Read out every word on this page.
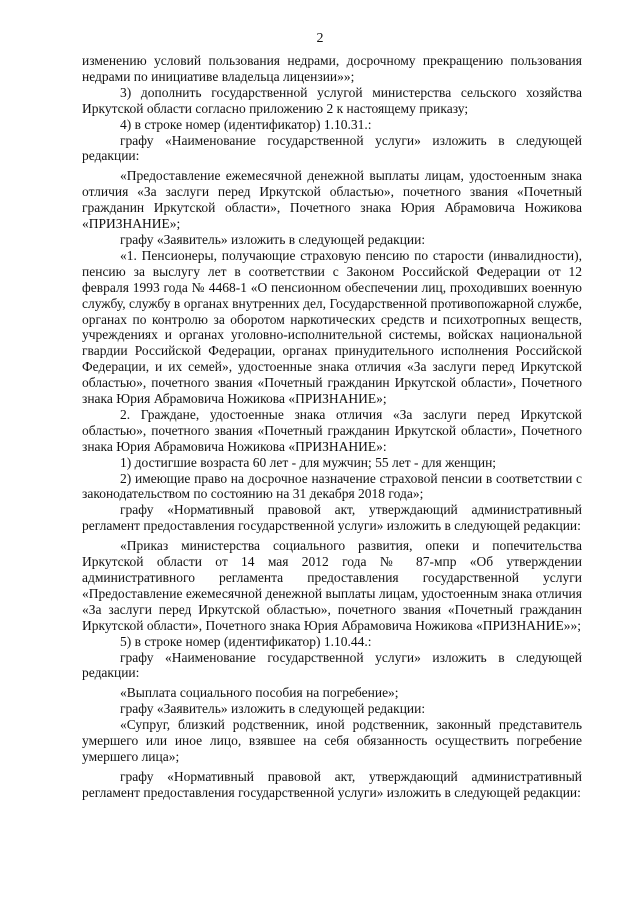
2

изменению условий пользования недрами, досрочному прекращению пользования недрами по инициативе владельца лицензии»»;

3) дополнить государственной услугой министерства сельского хозяйства Иркутской области согласно приложению 2 к настоящему приказу;

4) в строке номер (идентификатор) 1.10.31.:

графу «Наименование государственной услуги» изложить в следующей редакции:

«Предоставление ежемесячной денежной выплаты лицам, удостоенным знака отличия «За заслуги перед Иркутской областью», почетного звания «Почетный гражданин Иркутской области», Почетного знака Юрия Абрамовича Ножикова «ПРИЗНАНИЕ»;

графу «Заявитель» изложить в следующей редакции:

«1. Пенсионеры, получающие страховую пенсию по старости (инвалидности), пенсию за выслугу лет в соответствии с Законом Российской Федерации от 12 февраля 1993 года № 4468-1 «О пенсионном обеспечении лиц, проходивших военную службу, службу в органах внутренних дел, Государственной противопожарной службе, органах по контролю за оборотом наркотических средств и психотропных веществ, учреждениях и органах уголовно-исполнительной системы, войсках национальной гвардии Российской Федерации, органах принудительного исполнения Российской Федерации, и их семей», удостоенные знака отличия «За заслуги перед Иркутской областью», почетного звания «Почетный гражданин Иркутской области», Почетного знака Юрия Абрамовича Ножикова «ПРИЗНАНИЕ»;

2. Граждане, удостоенные знака отличия «За заслуги перед Иркутской областью», почетного звания «Почетный гражданин Иркутской области», Почетного знака Юрия Абрамовича Ножикова «ПРИЗНАНИЕ»:

1) достигшие возраста 60 лет - для мужчин; 55 лет - для женщин;

2) имеющие право на досрочное назначение страховой пенсии в соответствии с законодательством по состоянию на 31 декабря 2018 года»;

графу «Нормативный правовой акт, утверждающий административный регламент предоставления государственной услуги» изложить в следующей редакции:

«Приказ министерства социального развития, опеки и попечительства Иркутской области от 14 мая 2012 года № 87-мпр «Об утверждении административного регламента предоставления государственной услуги «Предоставление ежемесячной денежной выплаты лицам, удостоенным знака отличия «За заслуги перед Иркутской областью», почетного звания «Почетный гражданин Иркутской области», Почетного знака Юрия Абрамовича Ножикова «ПРИЗНАНИЕ»»;

5) в строке номер (идентификатор) 1.10.44.:

графу «Наименование государственной услуги» изложить в следующей редакции:

«Выплата социального пособия на погребение»;

графу «Заявитель» изложить в следующей редакции:

«Супруг, близкий родственник, иной родственник, законный представитель умершего или иное лицо, взявшее на себя обязанность осуществить погребение умершего лица»;

графу «Нормативный правовой акт, утверждающий административный регламент предоставления государственной услуги» изложить в следующей редакции:
